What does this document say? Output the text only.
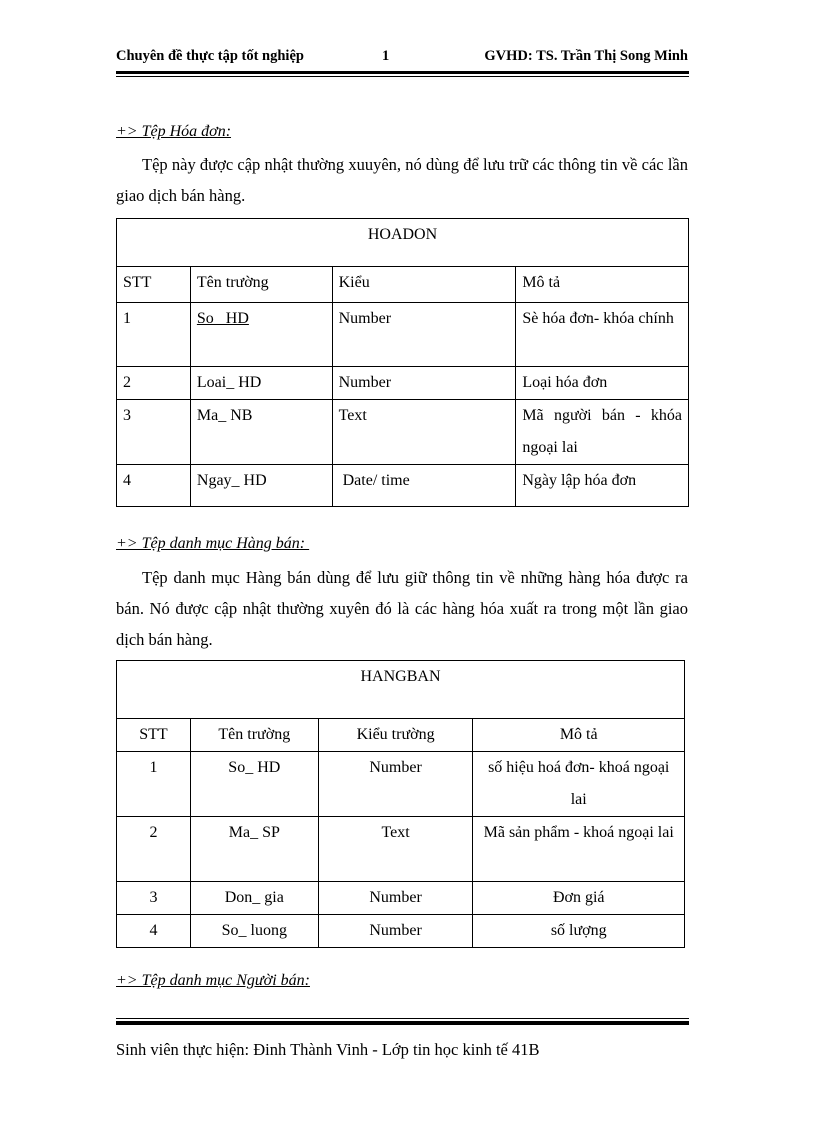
Chuyên đề thực tập tốt nghiệp	1	GVHD: TS. Trần Thị Song Minh
+> Tệp Hóa đơn:
Tệp này được cập nhật thường xuuyên, nó dùng để lưu trữ các thông tin về các lần giao dịch bán hàng.
HOADON			
STT	Tên trường	Kiểu	Mô tả
1	So_ HD	Number	Sè hóa đơn- khóa chính
2	Loai_ HD	Number	Loại hóa đơn
3	Ma_ NB	Text	Mã người bán - khóa ngoại lai
4	Ngay_ HD	Date/ time	Ngày lập hóa đơn
+> Tệp danh mục Hàng bán:
Tệp danh mục Hàng bán dùng để lưu giữ thông tin về những hàng hóa được ra bán. Nó được cập nhật thường xuyên đó là các hàng hóa xuất ra trong một lần giao dịch bán hàng.
HANGBAN			
STT	Tên trường	Kiểu trường	Mô tả
1	So_ HD	Number	số hiệu hoá đơn- khoá ngoại lai
2	Ma_ SP	Text	Mã sản phẩm - khoá ngoại lai
3	Don_ gia	Number	Đơn giá
4	So_ luong	Number	số lượng
+> Tệp danh mục Người bán:
Sinh viên thực hiện: Đinh Thành Vinh - Lớp tin học kinh tế 41B
